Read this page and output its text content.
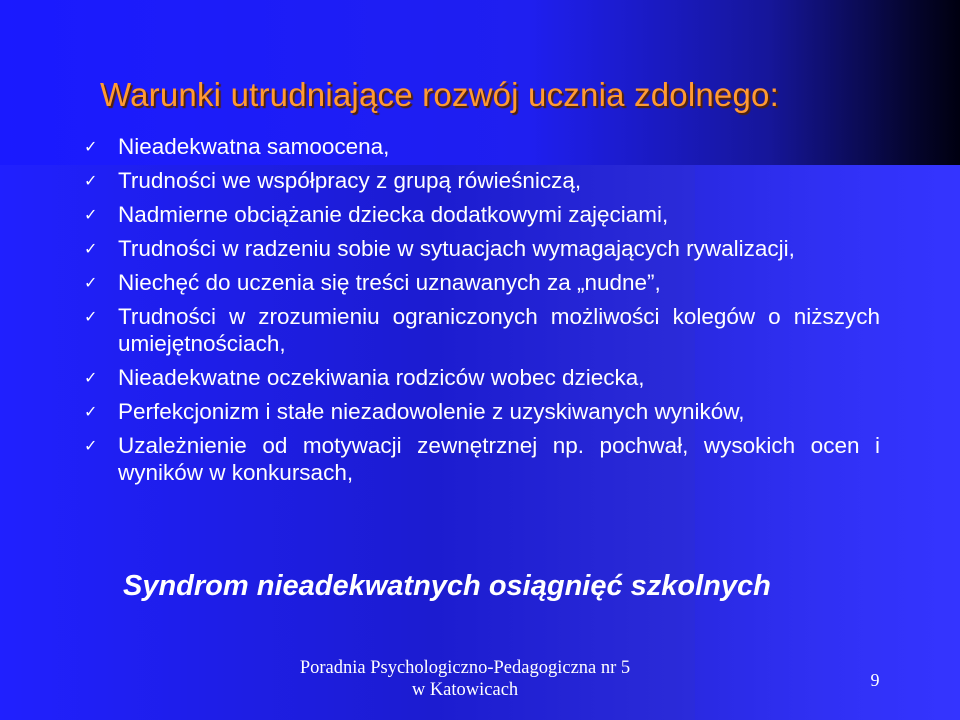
Warunki utrudniające rozwój ucznia zdolnego:
✓ Nieadekwatna samoocena,
✓ Trudności we współpracy z grupą rówieśniczą,
✓ Nadmierne obciążanie dziecka dodatkowymi zajęciami,
✓ Trudności w radzeniu sobie w sytuacjach wymagających rywalizacji,
✓ Niechęć do uczenia się treści uznawanych za „nudne”,
✓ Trudności w zrozumieniu ograniczonych możliwości kolegów o niższych umiejętnościach,
✓ Nieadekwatne oczekiwania rodziców wobec dziecka,
✓ Perfekcjonizm i stałe niezadowolenie z uzyskiwanych wyników,
✓ Uzależnienie od motywacji zewnętrznej np. pochwał, wysokich ocen i wyników w konkursach,

Syndrom nieadekwatnych osiągnięć szkolnych

Poradnia Psychologiczno-Pedagogiczna nr 5
w Katowicach	9
